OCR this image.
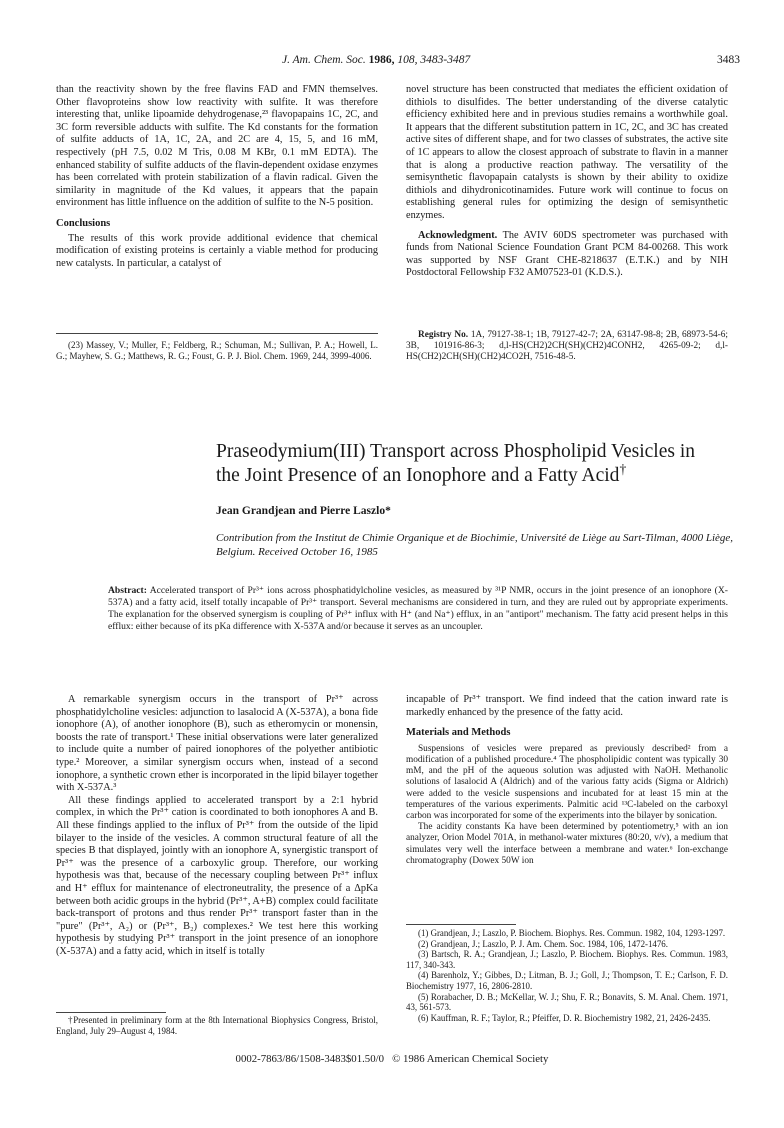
J. Am. Chem. Soc. 1986, 108, 3483-3487	3483

than the reactivity shown by the free flavins FAD and FMN themselves. Other flavoproteins show low reactivity with sulfite. It was therefore interesting that, unlike lipoamide dehydrogenase,²³ flavopapains 1C, 2C, and 3C form reversible adducts with sulfite. The Kd constants for the formation of sulfite adducts of 1A, 1C, 2A, and 2C are 4, 15, 5, and 16 mM, respectively (pH 7.5, 0.02 M Tris, 0.08 M KBr, 0.1 mM EDTA). The enhanced stability of sulfite adducts of the flavin-dependent oxidase enzymes has been correlated with protein stabilization of a flavin radical. Given the similarity in magnitude of the Kd values, it appears that the papain environment has little influence on the addition of sulfite to the N-5 position.

Conclusions

The results of this work provide additional evidence that chemical modification of existing proteins is certainly a viable method for producing new catalysts. In particular, a catalyst of

(23) Massey, V.; Muller, F.; Feldberg, R.; Schuman, M.; Sullivan, P. A.; Howell, L. G.; Mayhew, S. G.; Matthews, R. G.; Foust, G. P. J. Biol. Chem. 1969, 244, 3999-4006.

novel structure has been constructed that mediates the efficient oxidation of dithiols to disulfides. The better understanding of the diverse catalytic efficiency exhibited here and in previous studies remains a worthwhile goal. It appears that the different substitution pattern in 1C, 2C, and 3C has created active sites of different shape, and for two classes of substrates, the active site of 1C appears to allow the closest approach of substrate to flavin in a manner that is along a productive reaction pathway. The versatility of the semisynthetic flavopapain catalysts is shown by their ability to oxidize dithiols and dihydronicotinamides. Future work will continue to focus on establishing general rules for optimizing the design of semisynthetic enzymes.

Acknowledgment. The AVIV 60DS spectrometer was purchased with funds from National Science Foundation Grant PCM 84-00268. This work was supported by NSF Grant CHE-8218637 (E.T.K.) and by NIH Postdoctoral Fellowship F32 AM07523-01 (K.D.S.).

Registry No. 1A, 79127-38-1; 1B, 79127-42-7; 2A, 63147-98-8; 2B, 68973-54-6; 3B, 101916-86-3; d,l-HS(CH2)2CH(SH)(CH2)4CONH2, 4265-09-2; d,l-HS(CH2)2CH(SH)(CH2)4CO2H, 7516-48-5.
Praseodymium(III) Transport across Phospholipid Vesicles in
the Joint Presence of an Ionophore and a Fatty Acid†
Jean Grandjean and Pierre Laszlo*
Contribution from the Institut de Chimie Organique et de Biochimie, Université de Liège au Sart-Tilman, 4000 Liège, Belgium. Received October 16, 1985
Abstract: Accelerated transport of Pr³⁺ ions across phosphatidylcholine vesicles, as measured by ³¹P NMR, occurs in the joint presence of an ionophore (X-537A) and a fatty acid, itself totally incapable of Pr³⁺ transport. Several mechanisms are considered in turn, and they are ruled out by appropriate experiments. The explanation for the observed synergism is coupling of Pr³⁺ influx with H⁺ (and Na⁺) efflux, in an "antiport" mechanism. The fatty acid present helps in this efflux: either because of its pKa difference with X-537A and/or because it serves as an uncoupler.

A remarkable synergism occurs in the transport of Pr³⁺ across phosphatidylcholine vesicles: adjunction to lasalocid A (X-537A), a bona fide ionophore (A), of another ionophore (B), such as etheromycin or monensin, boosts the rate of transport.¹ These initial observations were later generalized to include quite a number of paired ionophores of the polyether antibiotic type.² Moreover, a similar synergism occurs when, instead of a second ionophore, a synthetic crown ether is incorporated in the lipid bilayer together with X-537A.³

All these findings applied to accelerated transport by a 2:1 hybrid complex, in which the Pr³⁺ cation is coordinated to both ionophores A and B. All these findings applied to the influx of Pr³⁺ from the outside of the lipid bilayer to the inside of the vesicles. A common structural feature of all the species B that displayed, jointly with an ionophore A, synergistic transport of Pr³⁺ was the presence of a carboxylic group. Therefore, our working hypothesis was that, because of the necessary coupling between Pr³⁺ influx and H⁺ efflux for maintenance of electroneutrality, the presence of a ΔpKa between both acidic groups in the hybrid (Pr³⁺, A+B) complex could facilitate back-transport of protons and thus render Pr³⁺ transport faster than in the "pure" (Pr³⁺, A₂) or (Pr³⁺, B₂) complexes.² We test here this working hypothesis by studying Pr³⁺ transport in the joint presence of an ionophore (X-537A) and a fatty acid, which in itself is totally

†Presented in preliminary form at the 8th International Biophysics Congress, Bristol, England, July 29–August 4, 1984.

incapable of Pr³⁺ transport. We find indeed that the cation inward rate is markedly enhanced by the presence of the fatty acid.

Materials and Methods

Suspensions of vesicles were prepared as previously described² from a modification of a published procedure.⁴ The phospholipidic content was typically 30 mM, and the pH of the aqueous solution was adjusted with NaOH. Methanolic solutions of lasalocid A (Aldrich) and of the various fatty acids (Sigma or Aldrich) were added to the vesicle suspensions and incubated for at least 15 min at the temperatures of the various experiments. Palmitic acid ¹³C-labeled on the carboxyl carbon was incorporated for some of the experiments into the bilayer by sonication.

The acidity constants Ka have been determined by potentiometry,⁵ with an ion analyzer, Orion Model 701A, in methanol-water mixtures (80:20, v/v), a medium that simulates very well the interface between a membrane and water.⁶ Ion-exchange chromatography (Dowex 50W ion

(1) Grandjean, J.; Laszlo, P. Biochem. Biophys. Res. Commun. 1982, 104, 1293-1297.

(2) Grandjean, J.; Laszlo, P. J. Am. Chem. Soc. 1984, 106, 1472-1476.

(3) Bartsch, R. A.; Grandjean, J.; Laszlo, P. Biochem. Biophys. Res. Commun. 1983, 117, 340-343.

(4) Barenholz, Y.; Gibbes, D.; Litman, B. J.; Goll, J.; Thompson, T. E.; Carlson, F. D. Biochemistry 1977, 16, 2806-2810.

(5) Rorabacher, D. B.; McKellar, W. J.; Shu, F. R.; Bonavits, S. M. Anal. Chem. 1971, 43, 561-573.

(6) Kauffman, R. F.; Taylor, R.; Pfeiffer, D. R. Biochemistry 1982, 21, 2426-2435.

0002-7863/86/1508-3483$01.50/0 © 1986 American Chemical Society
